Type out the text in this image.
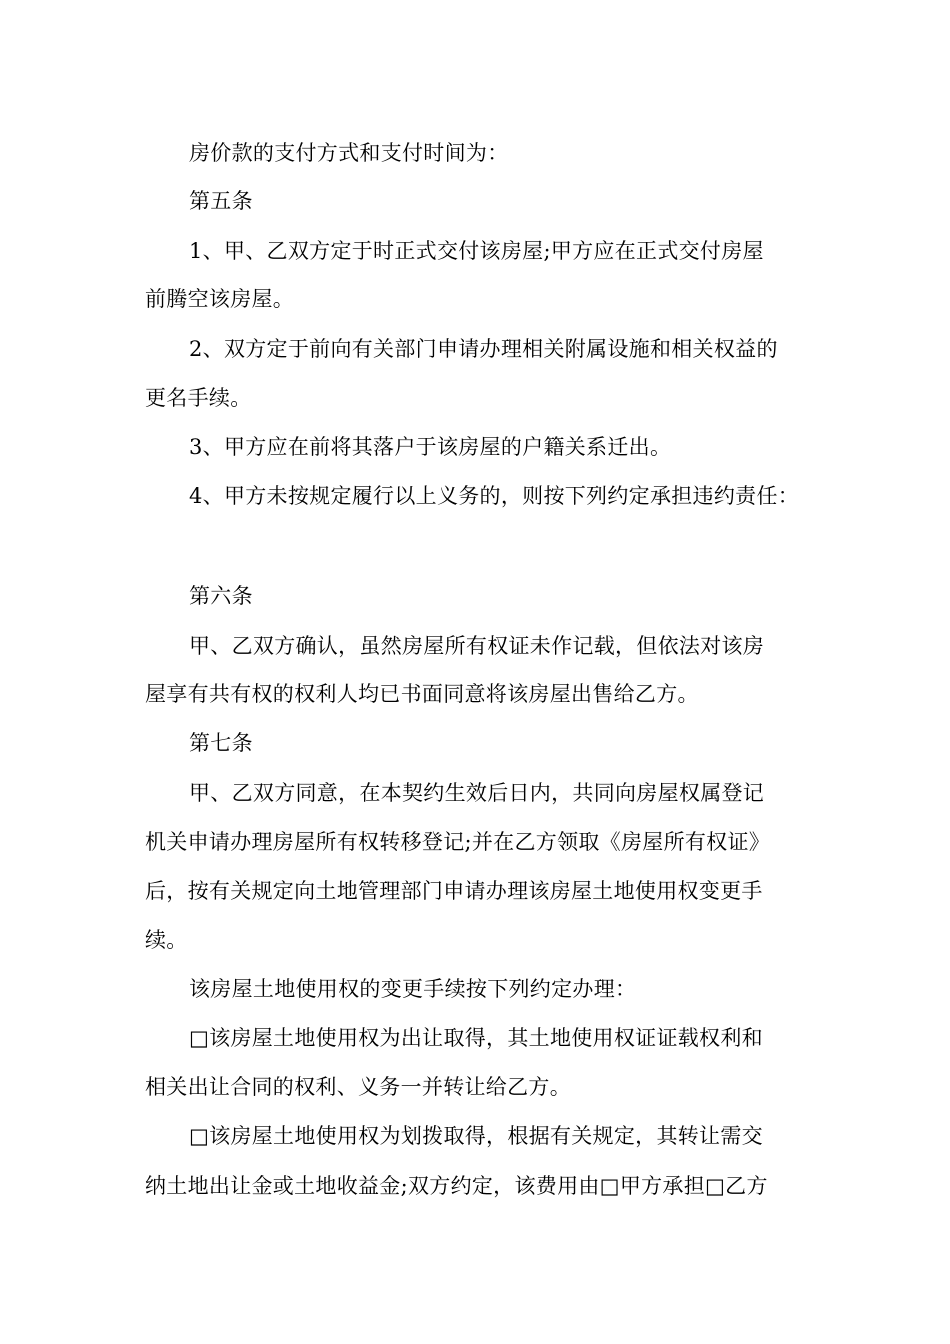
房价款的支付方式和支付时间为：
第五条
1、甲、乙双方定于时正式交付该房屋;甲方应在正式交付房屋
前腾空该房屋。
2、双方定于前向有关部门申请办理相关附属设施和相关权益的
更名手续。
3、甲方应在前将其落户于该房屋的户籍关系迁出。
4、甲方未按规定履行以上义务的，则按下列约定承担违约责任：
第六条
甲、乙双方确认，虽然房屋所有权证未作记载，但依法对该房
屋享有共有权的权利人均已书面同意将该房屋出售给乙方。
第七条
甲、乙双方同意，在本契约生效后日内，共同向房屋权属登记
机关申请办理房屋所有权转移登记;并在乙方领取《房屋所有权证》
后，按有关规定向土地管理部门申请办理该房屋土地使用权变更手
续。
该房屋土地使用权的变更手续按下列约定办理：
□该房屋土地使用权为出让取得，其土地使用权证证载权利和
相关出让合同的权利、义务一并转让给乙方。
□该房屋土地使用权为划拨取得，根据有关规定，其转让需交
纳土地出让金或土地收益金;双方约定，该费用由□甲方承担□乙方
